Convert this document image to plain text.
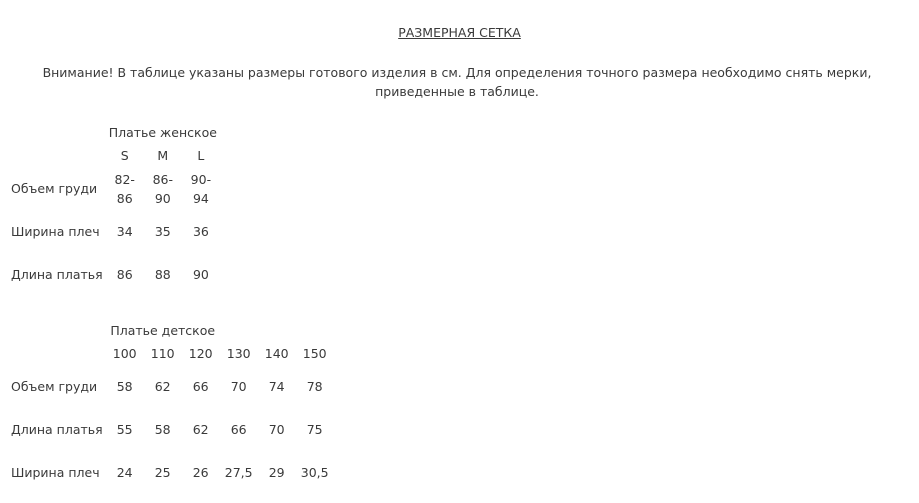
РАЗМЕРНАЯ СЕТКА
Внимание! В таблице указаны размеры готового изделия в см. Для определения точного размера необходимо снять мерки, приведенные в таблице.
	Платье женское		
	S	M	L
Объем груди	82-86	86-90	90-94
Ширина плеч	34	35	36
Длина платья	86	88	90
	Платье детское					
	100	110	120	130	140	150
Объем груди	58	62	66	70	74	78
Длина платья	55	58	62	66	70	75
Ширина плеч	24	25	26	27,5	29	30,5
